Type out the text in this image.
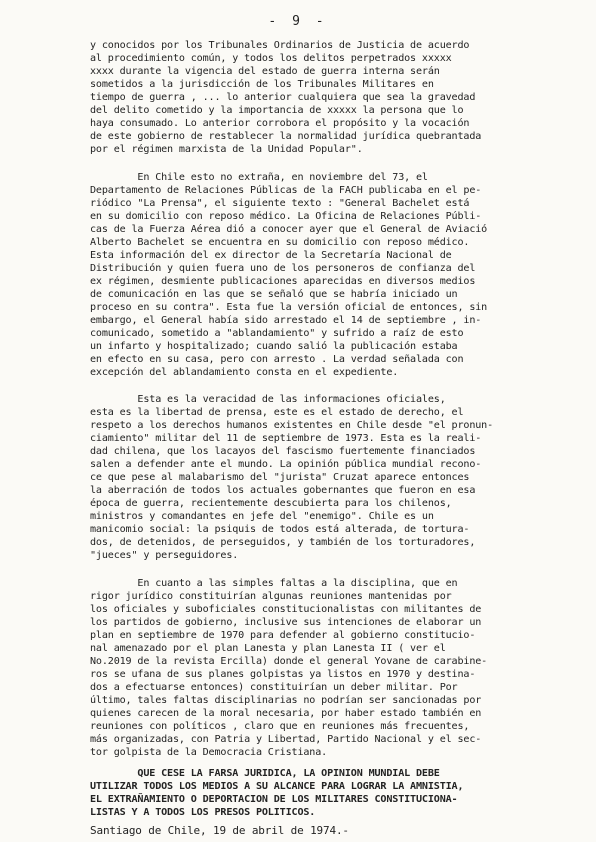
- 9 -
y conocidos por los Tribunales Ordinarios de Justicia de acuerdo
al procedimiento común, y todos los delitos perpetrados xxxxx
xxxx durante la vigencia del estado de guerra interna serán
sometidos a la jurisdicción de los Tribunales Militares en
tiempo de guerra , ... lo anterior cualquiera que sea la gravedad
del delito cometido y la importancia de xxxxx la persona que lo
haya consumado. Lo anterior corrobora el propósito y la vocación
de este gobierno de restablecer la normalidad jurídica quebrantada
por el régimen marxista de la Unidad Popular".
En Chile esto no extraña, en noviembre del 73, el
Departamento de Relaciones Públicas de la FACH publicaba en el pe-
riódico "La Prensa", el siguiente texto : "General Bachelet está
en su domicilio con reposo médico. La Oficina de Relaciones Públi-
cas de la Fuerza Aérea dió a conocer ayer que el General de Aviació
Alberto Bachelet se encuentra en su domicilio con reposo médico.
Esta información del ex director de la Secretaría Nacional de
Distribución y quien fuera uno de los personeros de confianza del
ex régimen, desmiente publicaciones aparecidas en diversos medios
de comunicación en las que se señaló que se habría iniciado un
proceso en su contra". Esta fue la versión oficial de entonces, sin
embargo, el General había sido arrestado el 14 de septiembre , in-
comunicado, sometido a "ablandamiento" y sufrido a raíz de esto
un infarto y hospitalizado; cuando salió la publicación estaba
en efecto en su casa, pero con arresto . La verdad señalada con
excepción del ablandamiento consta en el expediente.
Esta es la veracidad de las informaciones oficiales,
esta es la libertad de prensa, este es el estado de derecho, el
respeto a los derechos humanos existentes en Chile desde "el pronun-
ciamiento" militar del 11 de septiembre de 1973. Esta es la reali-
dad chilena, que los lacayos del fascismo fuertemente financiados
salen a defender ante el mundo. La opinión pública mundial recono-
ce que pese al malabarismo del "jurista" Cruzat aparece entonces
la aberración de todos los actuales gobernantes que fueron en esa
época de guerra, recientemente descubierta para los chilenos,
ministros y comandantes en jefe del "enemigo". Chile es un
manicomio social: la psiquis de todos está alterada, de tortura-
dos, de detenidos, de perseguidos, y también de los torturadores,
"jueces" y perseguidores.
En cuanto a las simples faltas a la disciplina, que en
rigor jurídico constituirían algunas reuniones mantenidas por
los oficiales y suboficiales constitucionalistas con militantes de
los partidos de gobierno, inclusive sus intenciones de elaborar un
plan en septiembre de 1970 para defender al gobierno constitucio-
nal amenazado por el plan Lanesta y plan Lanesta II ( ver el
No.2019 de la revista Ercilla) donde el general Yovane de carabine-
ros se ufana de sus planes golpistas ya listos en 1970 y destina-
dos a efectuarse entonces) constituirían un deber militar. Por
último, tales faltas disciplinarias no podrían ser sancionadas por
quienes carecen de la moral necesaria, por haber estado también en
reuniones con políticos , claro que en reuniones más frecuentes,
más organizadas, con Patria y Libertad, Partido Nacional y el sec-
tor golpista de la Democracia Cristiana.
QUE CESE LA FARSA JURIDICA, LA OPINION MUNDIAL DEBE
UTILIZAR TODOS LOS MEDIOS A SU ALCANCE PARA LOGRAR LA AMNISTIA,
EL EXTRAÑAMIENTO O DEPORTACION DE LOS MILITARES CONSTITUCIONA-
LISTAS Y A TODOS LOS PRESOS POLITICOS.
Santiago de Chile, 19 de abril de 1974.-
